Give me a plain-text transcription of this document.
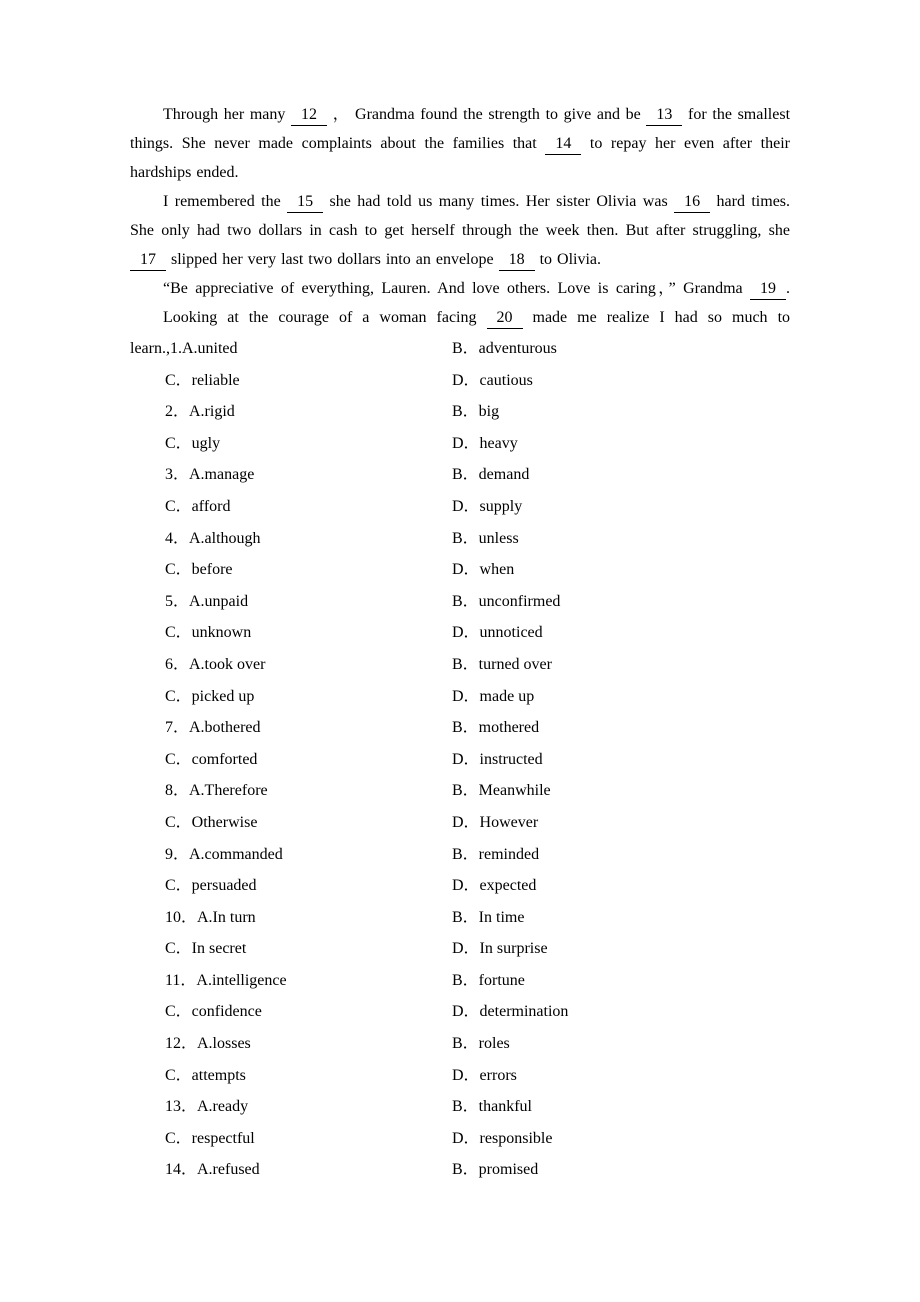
Through her many 12 ， Grandma found the strength to give and be 13 for the smallest things. She never made complaints about the families that 14 to repay her even after their hardships ended.

I remembered the 15 she had told us many times. Her sister Olivia was 16 hard times. She only had two dollars in cash to get herself through the week then. But after struggling, she 17 slipped her very last two dollars into an envelope 18 to Olivia.

“Be appreciative of everything, Lauren. And love others. Love is caring，” Grandma 19 .

Looking at the courage of a woman facing 20 made me realize I had so much to

learn.,1.A.united	B．adventurous
C．reliable	D．cautious
2．A.rigid	B．big
C．ugly	D．heavy
3．A.manage	B．demand
C．afford	D．supply
4．A.although	B．unless
C．before	D．when
5．A.unpaid	B．unconfirmed
C．unknown	D．unnoticed
6．A.took over	B．turned over
C．picked up	D．made up
7．A.bothered	B．mothered
C．comforted	D．instructed
8．A.Therefore	B．Meanwhile
C．Otherwise	D．However
9．A.commanded	B．reminded
C．persuaded	D．expected
10．A.In turn	B．In time
C．In secret	D．In surprise
11．A.intelligence	B．fortune
C．confidence	D．determination
12．A.losses	B．roles
C．attempts	D．errors
13．A.ready	B．thankful
C．respectful	D．responsible
14．A.refused	B．promised
